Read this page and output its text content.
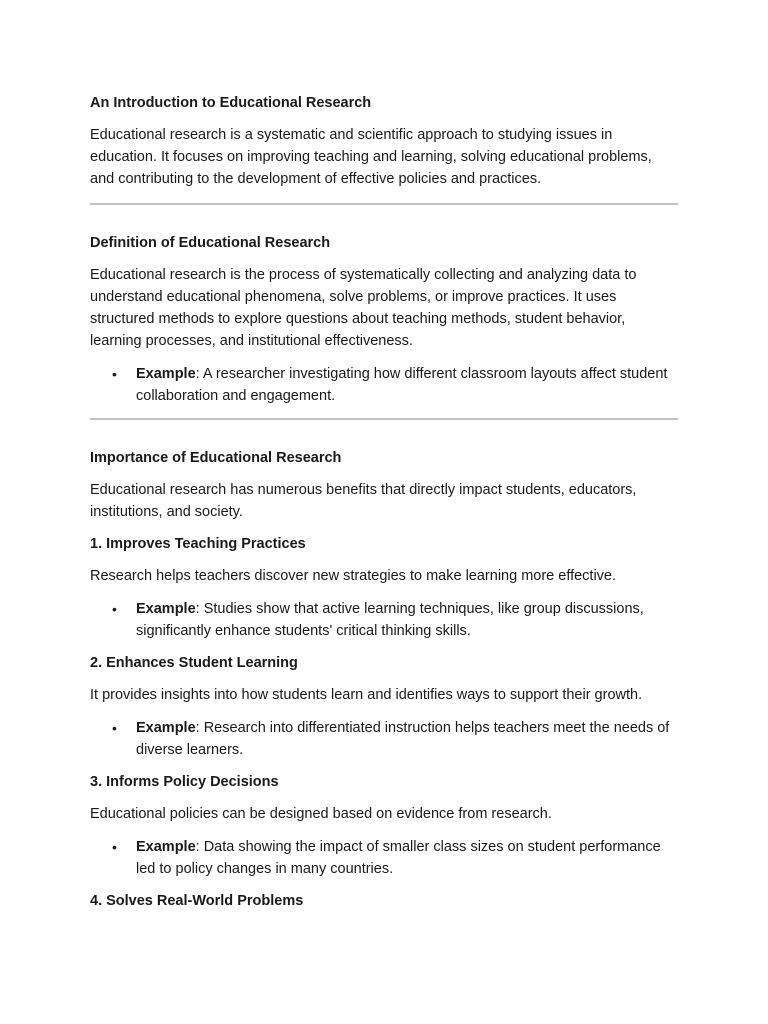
An Introduction to Educational Research

Educational research is a systematic and scientific approach to studying issues in education. It focuses on improving teaching and learning, solving educational problems, and contributing to the development of effective policies and practices.

Definition of Educational Research

Educational research is the process of systematically collecting and analyzing data to understand educational phenomena, solve problems, or improve practices. It uses structured methods to explore questions about teaching methods, student behavior, learning processes, and institutional effectiveness.

• Example: A researcher investigating how different classroom layouts affect student collaboration and engagement.

Importance of Educational Research

Educational research has numerous benefits that directly impact students, educators, institutions, and society.

1. Improves Teaching Practices

Research helps teachers discover new strategies to make learning more effective.

• Example: Studies show that active learning techniques, like group discussions, significantly enhance students' critical thinking skills.

2. Enhances Student Learning

It provides insights into how students learn and identifies ways to support their growth.

• Example: Research into differentiated instruction helps teachers meet the needs of diverse learners.

3. Informs Policy Decisions

Educational policies can be designed based on evidence from research.

• Example: Data showing the impact of smaller class sizes on student performance led to policy changes in many countries.

4. Solves Real-World Problems
